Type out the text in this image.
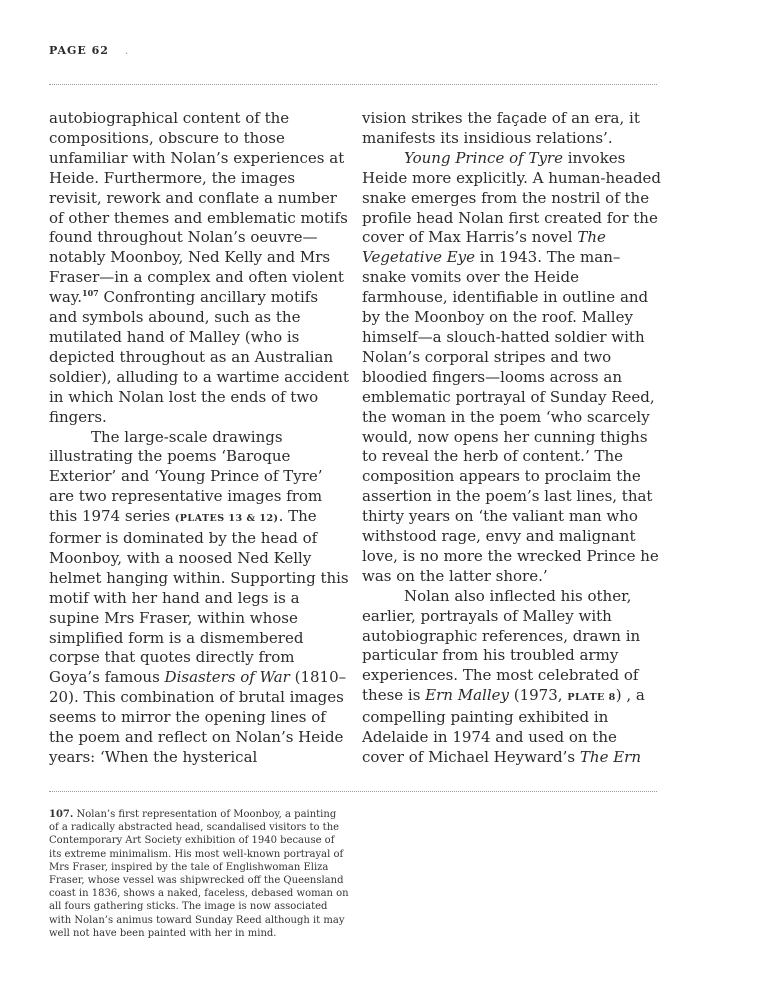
PAGE 62 .

autobiographical content of the compositions, obscure to those unfamiliar with Nolan’s experiences at Heide. Furthermore, the images revisit, rework and conflate a number of other themes and emblematic motifs found throughout Nolan’s oeuvre—notably Moonboy, Ned Kelly and Mrs Fraser—in a complex and often violent way.$^{107}$ Confronting ancillary motifs and symbols abound, such as the mutilated hand of Malley (who is depicted throughout as an Australian soldier), alluding to a wartime accident in which Nolan lost the ends of two fingers.

The large-scale drawings illustrating the poems ‘Baroque Exterior’ and ‘Young Prince of Tyre’ are two representative images from this 1974 series (PLATES 13 & 12). The former is dominated by the head of Moonboy, with a noosed Ned Kelly helmet hanging within. Supporting this motif with her hand and legs is a supine Mrs Fraser, within whose simplified form is a dismembered corpse that quotes directly from Goya’s famous Disasters of War (1810–20). This combination of brutal images seems to mirror the opening lines of the poem and reflect on Nolan’s Heide years: ‘When the hysterical

vision strikes the façade of an era, it manifests its insidious relations’.

Young Prince of Tyre invokes Heide more explicitly. A human-headed snake emerges from the nostril of the profile head Nolan first created for the cover of Max Harris’s novel The Vegetative Eye in 1943. The man–snake vomits over the Heide farmhouse, identifiable in outline and by the Moonboy on the roof. Malley himself—a slouch-hatted soldier with Nolan’s corporal stripes and two bloodied fingers—looms across an emblematic portrayal of Sunday Reed, the woman in the poem ‘who scarcely would, now opens her cunning thighs to reveal the herb of content.’ The composition appears to proclaim the assertion in the poem’s last lines, that thirty years on ‘the valiant man who withstood rage, envy and malignant love, is no more the wrecked Prince he was on the latter shore.’

Nolan also inflected his other, earlier, portrayals of Malley with autobiographic references, drawn in particular from his troubled army experiences. The most celebrated of these is Ern Malley (1973, PLATE 8) , a compelling painting exhibited in Adelaide in 1974 and used on the cover of Michael Heyward’s The Ern

107. Nolan’s first representation of Moonboy, a painting of a radically abstracted head, scandalised visitors to the Contemporary Art Society exhibition of 1940 because of its extreme minimalism. His most well-known portrayal of Mrs Fraser, inspired by the tale of Englishwoman Eliza Fraser, whose vessel was shipwrecked off the Queensland coast in 1836, shows a naked, faceless, debased woman on all fours gathering sticks. The image is now associated with Nolan’s animus toward Sunday Reed although it may well not have been painted with her in mind.
